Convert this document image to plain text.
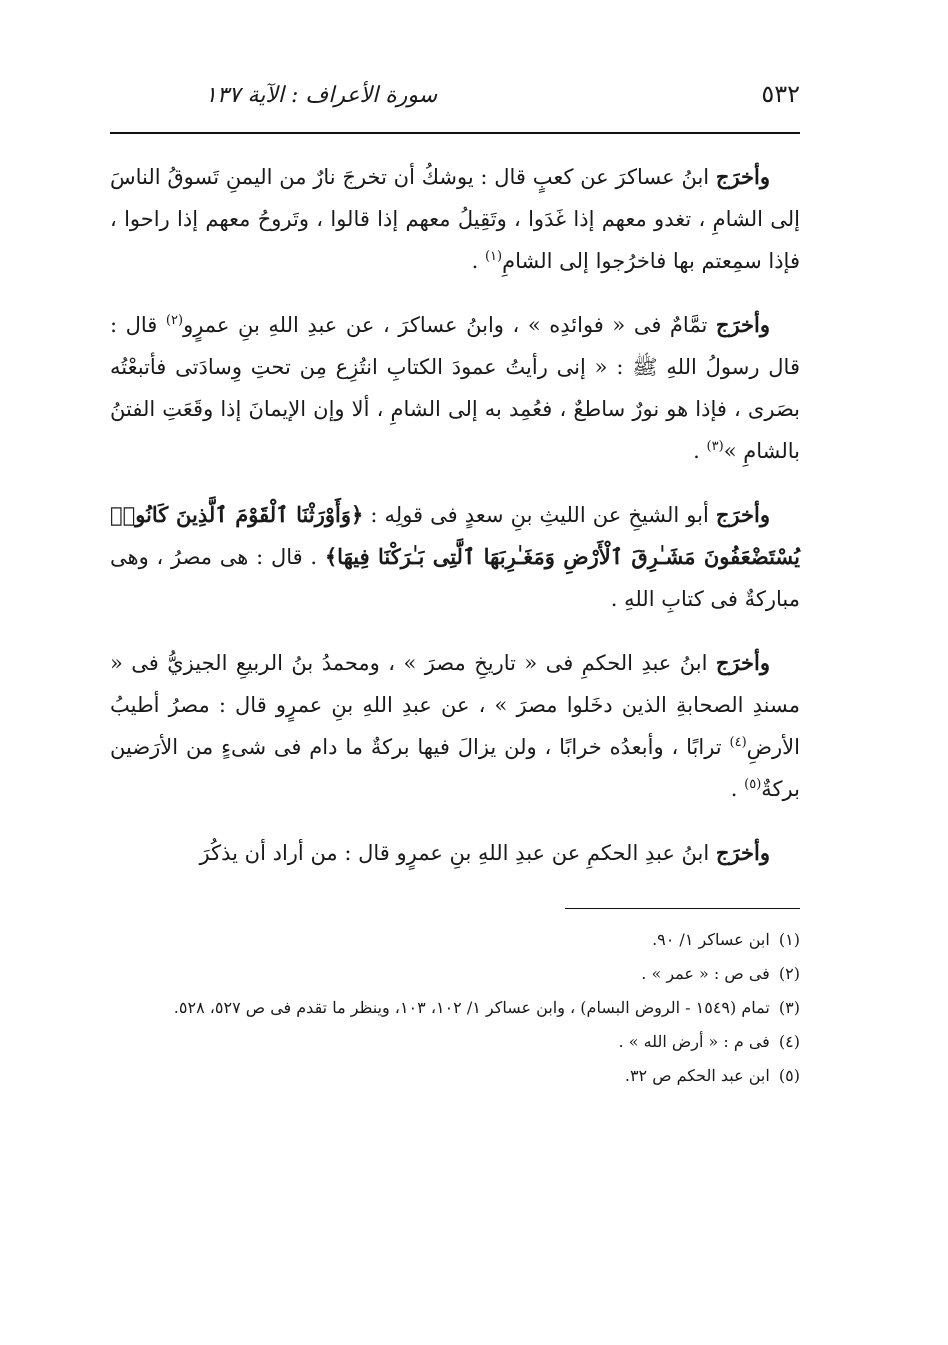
٥٣٢
سورة الأعراف : الآية ١٣٧

وأخرَج ابنُ عساكرَ عن كعبٍ قال : يوشكُ أن تخرجَ نارٌ من اليمنِ تَسوقُ الناسَ إلى الشامِ ، تغدو معهم إذا غَدَوا ، وتَقِيلُ معهم إذا قالوا ، وتَروحُ معهم إذا راحوا ، فإذا سمِعتم بها فاخرُجوا إلى الشامِ$^{(١)}$ .

وأخرَج تمَّامٌ فى « فوائدِه » ، وابنُ عساكرَ ، عن عبدِ اللهِ بنِ عمرٍو$^{(٢)}$ قال : قال رسولُ اللهِ ﷺ : « إنى رأيتُ عمودَ الكتابِ انتُزِع مِن تحتِ وِسادَتى فأتبعْتُه بصَرى ، فإذا هو نورٌ ساطعٌ ، فعُمِد به إلى الشامِ ، ألا وإن الإيمانَ إذا وقَعَتِ الفتنُ بالشامِ »$^{(٣)}$ .

وأخرَج أبو الشيخِ عن الليثِ بنِ سعدٍ فى قولِه : ﴿وَأَوْرَثْنَا ٱلْقَوْمَ ٱلَّذِينَ كَانُوا۟ يُسْتَضْعَفُونَ مَشَـٰرِقَ ٱلْأَرْضِ وَمَغَـٰرِبَهَا ٱلَّتِى بَـٰرَكْنَا فِيهَا﴾ . قال : هى مصرُ ، وهى مباركةٌ فى كتابِ اللهِ .

وأخرَج ابنُ عبدِ الحكمِ فى « تاريخِ مصرَ » ، ومحمدُ بنُ الربيعِ الجيزيُّ فى « مسندِ الصحابةِ الذين دخَلوا مصرَ » ، عن عبدِ اللهِ بنِ عمرٍو قال : مصرُ أطيبُ الأرضِ$^{(٤)}$ ترابًا ، وأبعدُه خرابًا ، ولن يزالَ فيها بركةٌ ما دام فى شىءٍ من الأرَضين بركةٌ$^{(٥)}$ .

وأخرَج ابنُ عبدِ الحكمِ عن عبدِ اللهِ بنِ عمرٍو قال : من أراد أن يذكُرَ

(١) ابن عساكر ١/ ٩٠.

(٢) فى ص : « عمر » .

(٣) تمام (١٥٤٩ - الروض البسام) ، وابن عساكر ١/ ١٠٢، ١٠٣، وينظر ما تقدم فى ص ٥٢٧، ٥٢٨.

(٤) فى م : « أرض الله » .

(٥) ابن عبد الحكم ص ٣٢.
